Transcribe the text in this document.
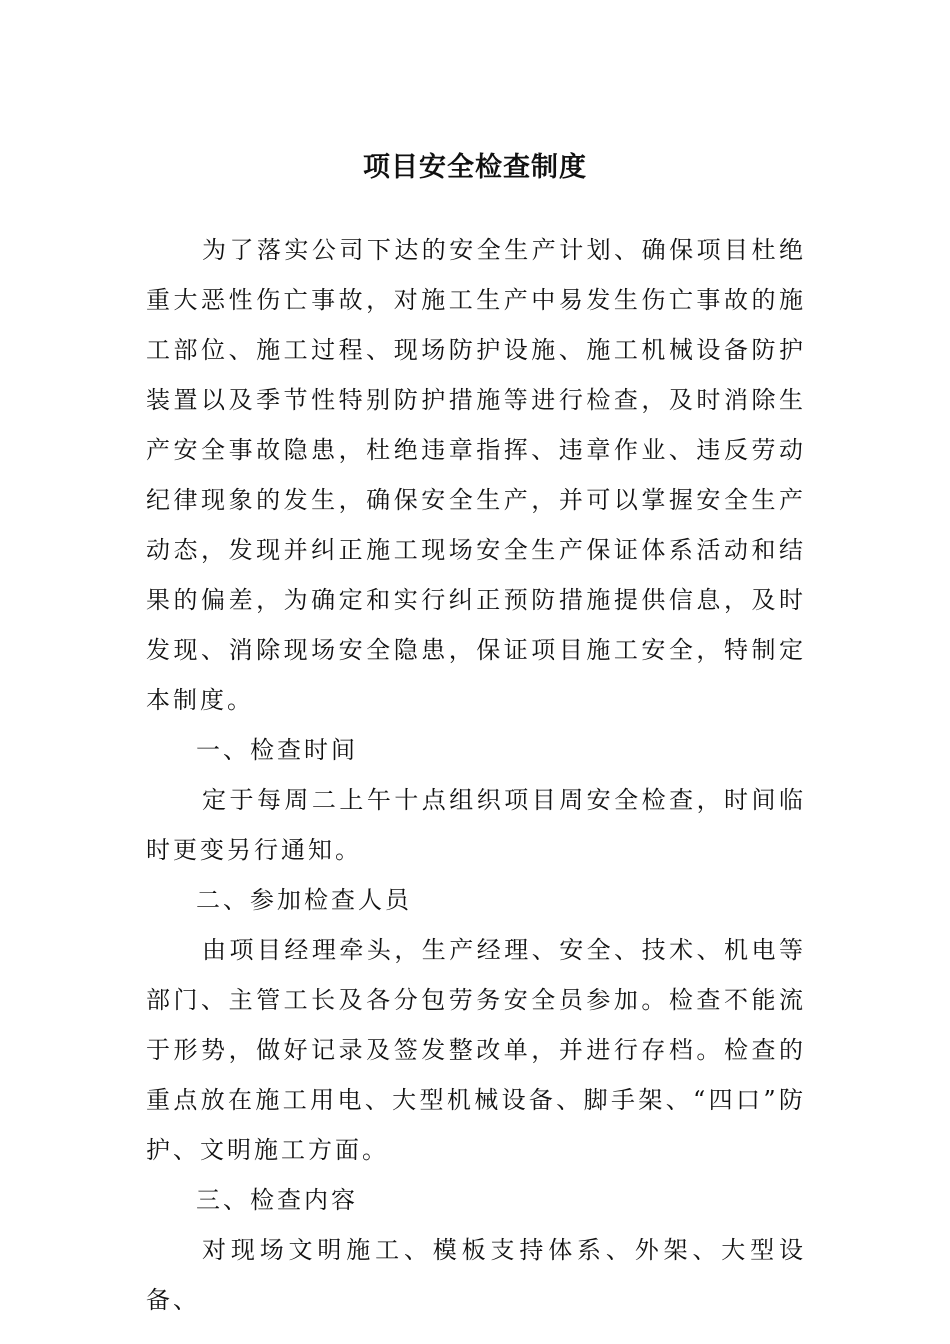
项目安全检查制度

为了落实公司下达的安全生产计划、确保项目杜绝重大恶性伤亡事故，对施工生产中易发生伤亡事故的施工部位、施工过程、现场防护设施、施工机械设备防护装置以及季节性特别防护措施等进行检查，及时消除生产安全事故隐患，杜绝违章指挥、违章作业、违反劳动纪律现象的发生，确保安全生产，并可以掌握安全生产动态，发现并纠正施工现场安全生产保证体系活动和结果的偏差，为确定和实行纠正预防措施提供信息，及时发现、消除现场安全隐患，保证项目施工安全，特制定本制度。

一、检查时间

定于每周二上午十点组织项目周安全检查，时间临时更变另行通知。

二、参加检查人员

由项目经理牵头，生产经理、安全、技术、机电等部门、主管工长及各分包劳务安全员参加。检查不能流于形势，做好记录及签发整改单，并进行存档。检查的重点放在施工用电、大型机械设备、脚手架、“四口”防护、文明施工方面。

三、检查内容

对现场文明施工、模板支持体系、外架、大型设备、
